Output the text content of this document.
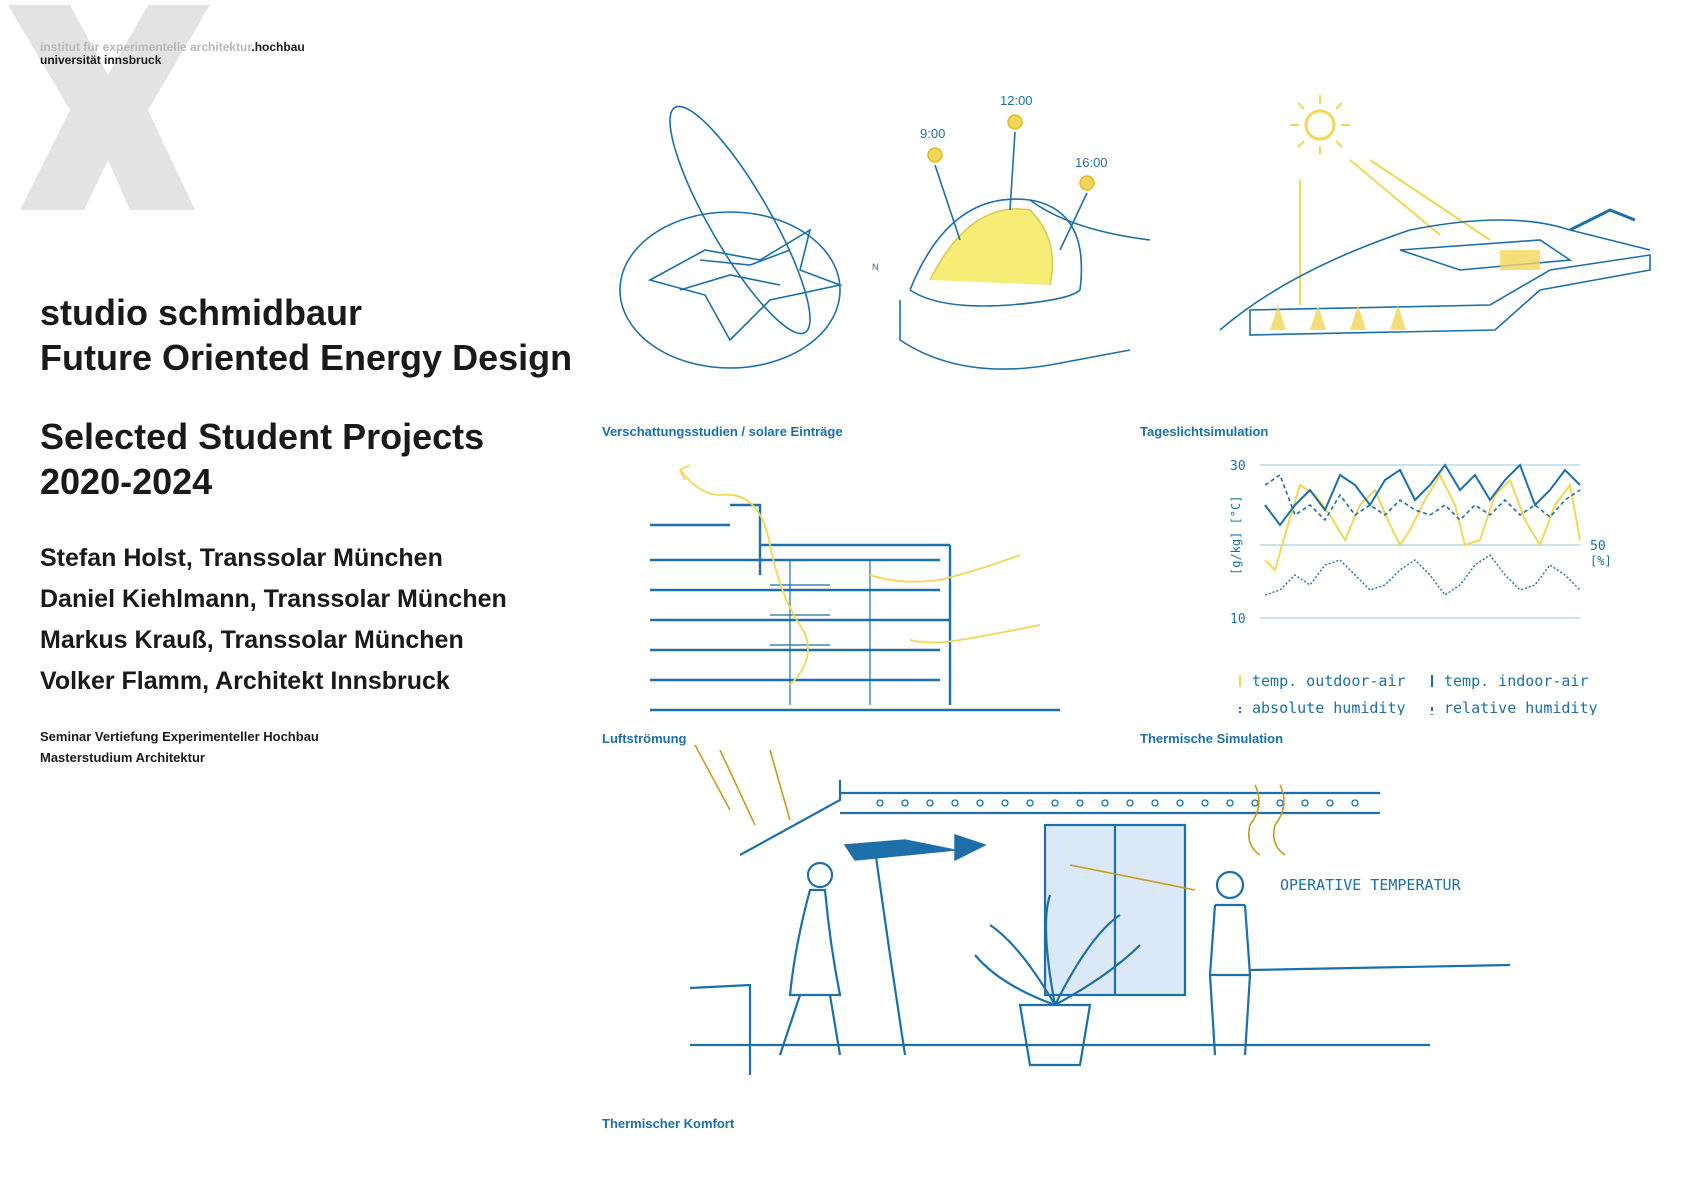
institut für experimentelle architektur.hochbau
universität innsbruck
studio schmidbaur
Future Oriented Energy Design
Selected Student Projects
2020-2024
Stefan Holst, Transsolar München
Daniel Kiehlmann, Transsolar München
Markus Krauß, Transsolar München
Volker Flamm, Architekt Innsbruck
Seminar Vertiefung Experimenteller Hochbau
Masterstudium Architektur
N
9:00
12:00
16:00
Verschattungsstudien / solare Einträge	Tageslichtsimulation
30
10
50
[%]
[g/kg] [°C]
temp. outdoor-air	temp. indoor-air
absolute humidity	relative humidity
Luftströmung	Thermische Simulation
OPERATIVE TEMPERATUR
Thermischer Komfort
